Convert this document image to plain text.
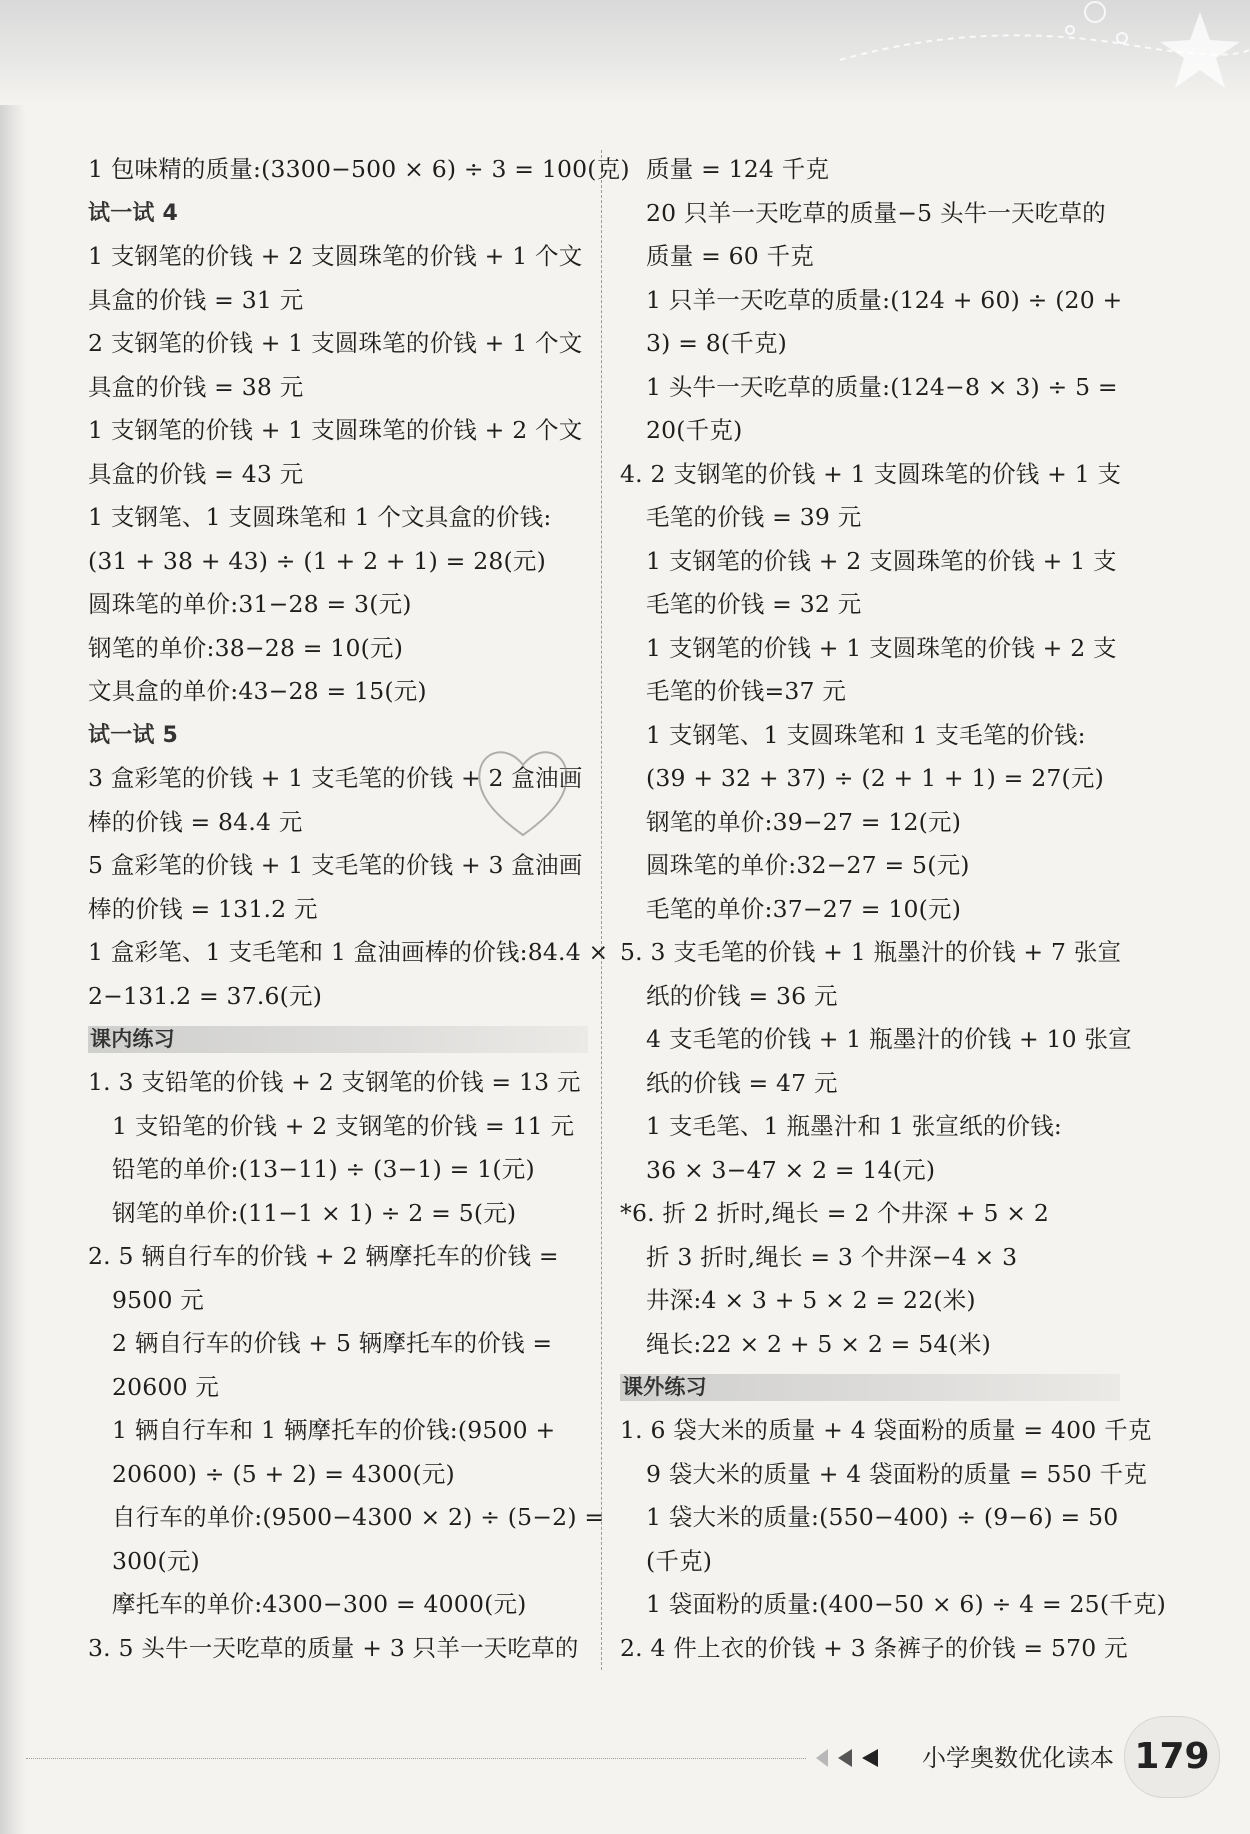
1 包味精的质量:(3300−500 × 6) ÷ 3 = 100(克)
试一试 4
1 支钢笔的价钱 + 2 支圆珠笔的价钱 + 1 个文
具盒的价钱 = 31 元
2 支钢笔的价钱 + 1 支圆珠笔的价钱 + 1 个文
具盒的价钱 = 38 元
1 支钢笔的价钱 + 1 支圆珠笔的价钱 + 2 个文
具盒的价钱 = 43 元
1 支钢笔、1 支圆珠笔和 1 个文具盒的价钱:
(31 + 38 + 43) ÷ (1 + 2 + 1) = 28(元)
圆珠笔的单价:31−28 = 3(元)
钢笔的单价:38−28 = 10(元)
文具盒的单价:43−28 = 15(元)
试一试 5
3 盒彩笔的价钱 + 1 支毛笔的价钱 + 2 盒油画
棒的价钱 = 84.4 元
5 盒彩笔的价钱 + 1 支毛笔的价钱 + 3 盒油画
棒的价钱 = 131.2 元
1 盒彩笔、1 支毛笔和 1 盒油画棒的价钱:84.4 ×
2−131.2 = 37.6(元)
课内练习
1. 3 支铅笔的价钱 + 2 支钢笔的价钱 = 13 元
1 支铅笔的价钱 + 2 支钢笔的价钱 = 11 元
铅笔的单价:(13−11) ÷ (3−1) = 1(元)
钢笔的单价:(11−1 × 1) ÷ 2 = 5(元)
2. 5 辆自行车的价钱 + 2 辆摩托车的价钱 =
9500 元
2 辆自行车的价钱 + 5 辆摩托车的价钱 =
20600 元
1 辆自行车和 1 辆摩托车的价钱:(9500 +
20600) ÷ (5 + 2) = 4300(元)
自行车的单价:(9500−4300 × 2) ÷ (5−2) =
300(元)
摩托车的单价:4300−300 = 4000(元)
3. 5 头牛一天吃草的质量 + 3 只羊一天吃草的
质量 = 124 千克
20 只羊一天吃草的质量−5 头牛一天吃草的
质量 = 60 千克
1 只羊一天吃草的质量:(124 + 60) ÷ (20 +
3) = 8(千克)
1 头牛一天吃草的质量:(124−8 × 3) ÷ 5 =
20(千克)
4. 2 支钢笔的价钱 + 1 支圆珠笔的价钱 + 1 支
毛笔的价钱 = 39 元
1 支钢笔的价钱 + 2 支圆珠笔的价钱 + 1 支
毛笔的价钱 = 32 元
1 支钢笔的价钱 + 1 支圆珠笔的价钱 + 2 支
毛笔的价钱=37 元
1 支钢笔、1 支圆珠笔和 1 支毛笔的价钱:
(39 + 32 + 37) ÷ (2 + 1 + 1) = 27(元)
钢笔的单价:39−27 = 12(元)
圆珠笔的单价:32−27 = 5(元)
毛笔的单价:37−27 = 10(元)
5. 3 支毛笔的价钱 + 1 瓶墨汁的价钱 + 7 张宣
纸的价钱 = 36 元
4 支毛笔的价钱 + 1 瓶墨汁的价钱 + 10 张宣
纸的价钱 = 47 元
1 支毛笔、1 瓶墨汁和 1 张宣纸的价钱:
36 × 3−47 × 2 = 14(元)
*6. 折 2 折时,绳长 = 2 个井深 + 5 × 2
折 3 折时,绳长 = 3 个井深−4 × 3
井深:4 × 3 + 5 × 2 = 22(米)
绳长:22 × 2 + 5 × 2 = 54(米)
课外练习
1. 6 袋大米的质量 + 4 袋面粉的质量 = 400 千克
9 袋大米的质量 + 4 袋面粉的质量 = 550 千克
1 袋大米的质量:(550−400) ÷ (9−6) = 50
(千克)
1 袋面粉的质量:(400−50 × 6) ÷ 4 = 25(千克)
2. 4 件上衣的价钱 + 3 条裤子的价钱 = 570 元
小学奥数优化读本 179
